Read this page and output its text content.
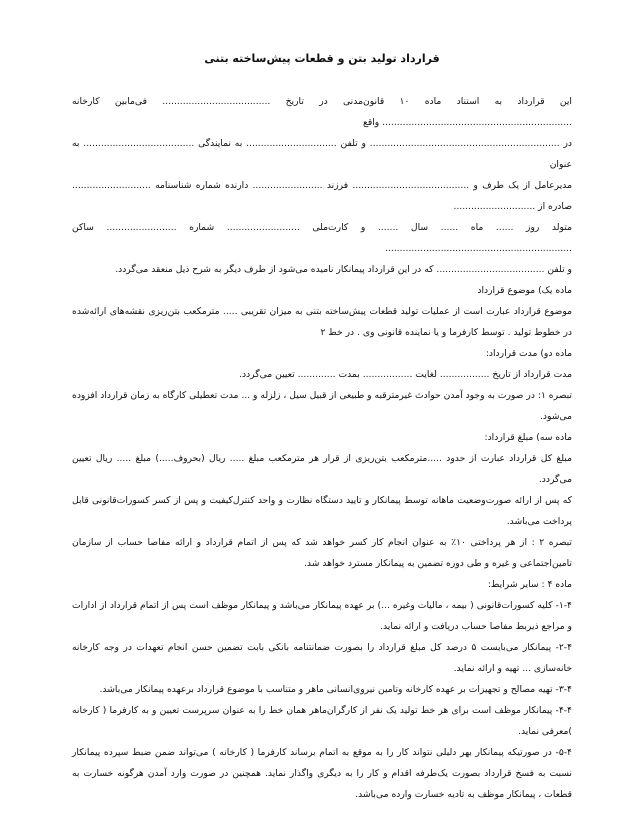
قرارداد تولید بتن و قطعات پیش‌ساخته بتنی

این قرارداد به استناد ماده ۱۰ قانون‌مدنی در تاریخ ..................................... فی‌مابین کارخانه ................................................................. واقع

در ................................................................. و تلفن ............................... به نمایندگی ...................................... به عنوان

مدیرعامل از یک طرف و ........................................ فرزند ........................ دارنده شماره شناسنامه ........................... صادره از ............................

متولد روز ...... ماه ...... سال ....... و کارت‌ملی ......................... شماره ........................ ساکن ................................................................

و تلفن ..................................... که در این قرارداد پیمانکار نامیده می‌شود از طرف دیگر به شرح ذیل منعقد می‌گردد.

ماده یک) موضوع قرارداد

موضوع قرارداد عبارت است از عملیات تولید قطعات پیش‌ساخته بتنی به میزان تقریبی ..... مترمکعب بتن‌ریزی نقشه‌های ارائه‌شده در خطوط تولید . توسط کارفرما و یا نماینده قانونی وی . در خط ۲

ماده دو) مدت قرارداد:

مدت قرارداد از تاریخ ................. لغایت ................. بمدت ............. تعیین می‌گردد.

تبصره ۱: در صورت به وجود آمدن حوادث غیرمترقبه و طبیعی از قبیل سیل ، زلزله و ... مدت تعطیلی کارگاه به زمان قرارداد افزوده می‌شود.

ماده سه) مبلغ قرارداد:

مبلغ کل قرارداد عبارت از حدود .....مترمکعب بتن‌ریزی از قرار هر مترمکعب مبلغ ..... ریال (بحروف.....) مبلغ ..... ریال تعیین می‌گردد.

که پس از ارائه صورت‌وضعیت ماهانه توسط پیمانکار و تایید دستگاه نظارت و واحد کنترل‌کیفیت و پس از کسر کسورات‌قانونی قابل پرداخت می‌باشد.

تبصره ۲ : از هر پرداختی ۱۰٪ به عنوان انجام کار کسر خواهد شد که پس از اتمام قرارداد و ارائه مفاصا حساب از سازمان تامین‌اجتماعی و غیره و طی دوره تضمین به پیمانکار مسترد خواهد شد.

ماده ۴ : سایر شرایط:

۱-۴- کلیه کسورات‌قانونی ( بیمه ، مالیات وغیره ...) بر عهده پیمانکار می‌باشد و پیمانکار موظف است پس از اتمام قرارداد از ادارات و مراجع ذیربط مفاصا حساب دریافت و ارائه نماید.

۲-۴- پیمانکار می‌بایست ۵ درصد کل مبلغ قرارداد را بصورت ضمانتنامه بانکی بابت تضمین حسن انجام تعهدات در وجه کارخانه خانه‌سازی ... تهیه و ارائه نماید.

۳-۴- تهیه مصالح و تجهیزات بر عهده کارخانه وتامین نیروی‌انسانی ماهر و متناسب با موضوع قرارداد برعهده پیمانکار می‌باشد.

۴-۴- پیمانکار موظف است برای هر خط تولید یک نفر از کارگران‌ماهر همان خط را به عنوان سرپرست تعیین و به کارفرما ( کارخانه )معرفی نماید.

۵-۴- در صورتیکه پیمانکار بهر دلیلی نتواند کار را به موقع به اتمام برساند کارفرما ( کارخانه ) می‌تواند ضمن ضبط سپرده پیمانکار نسبت به فسخ قرارداد بصورت یک‌طرفه اقدام و کار را به دیگری واگذار نماید. همچنین در صورت وارد آمدن هرگونه خسارت به قطعات ، پیمانکار موظف به تادیه خسارت وارده می‌باشد.
